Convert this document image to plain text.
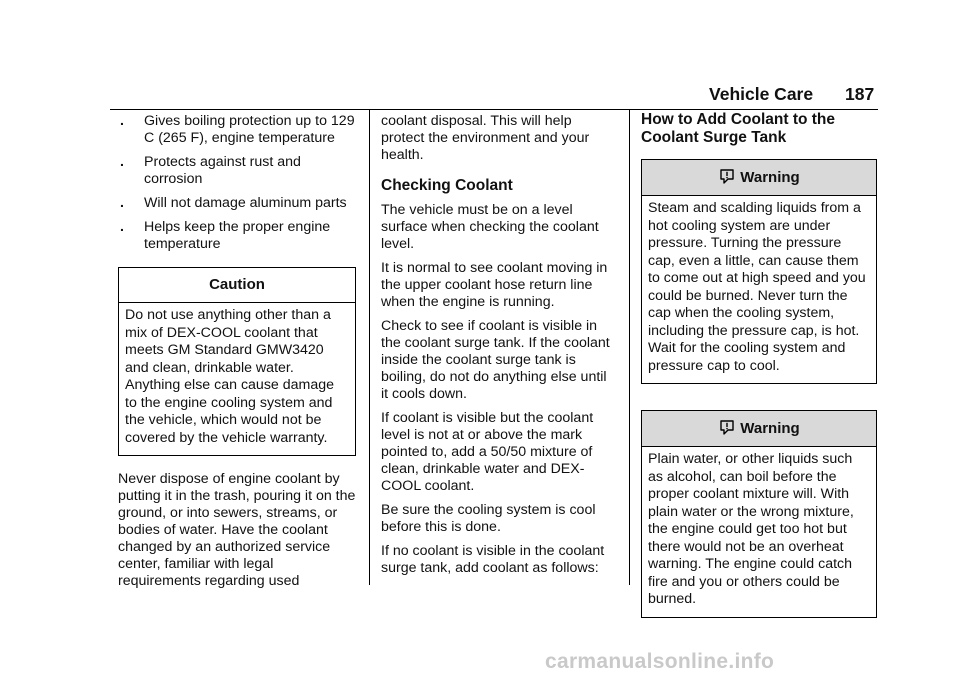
Vehicle Care 187
. Gives boiling protection up to 129 C (265 F), engine temperature
. Protects against rust and corrosion
. Will not damage aluminum parts
. Helps keep the proper engine temperature
Caution
Do not use anything other than a mix of DEX-COOL coolant that meets GM Standard GMW3420 and clean, drinkable water. Anything else can cause damage to the engine cooling system and the vehicle, which would not be covered by the vehicle warranty.

Never dispose of engine coolant by putting it in the trash, pouring it on the ground, or into sewers, streams, or bodies of water. Have the coolant changed by an authorized service center, familiar with legal requirements regarding used

coolant disposal. This will help protect the environment and your health.

Checking Coolant

The vehicle must be on a level surface when checking the coolant level.

It is normal to see coolant moving in the upper coolant hose return line when the engine is running.

Check to see if coolant is visible in the coolant surge tank. If the coolant inside the coolant surge tank is boiling, do not do anything else until it cools down.

If coolant is visible but the coolant level is not at or above the mark pointed to, add a 50/50 mixture of clean, drinkable water and DEX-COOL coolant.

Be sure the cooling system is cool before this is done.

If no coolant is visible in the coolant surge tank, add coolant as follows:

How to Add Coolant to the Coolant Surge Tank
Warning
Steam and scalding liquids from a hot cooling system are under pressure. Turning the pressure cap, even a little, can cause them to come out at high speed and you could be burned. Never turn the cap when the cooling system, including the pressure cap, is hot. Wait for the cooling system and pressure cap to cool.
Warning
Plain water, or other liquids such as alcohol, can boil before the proper coolant mixture will. With plain water or the wrong mixture, the engine could get too hot but there would not be an overheat warning. The engine could catch fire and you or others could be burned.
carmanualsonline.info
